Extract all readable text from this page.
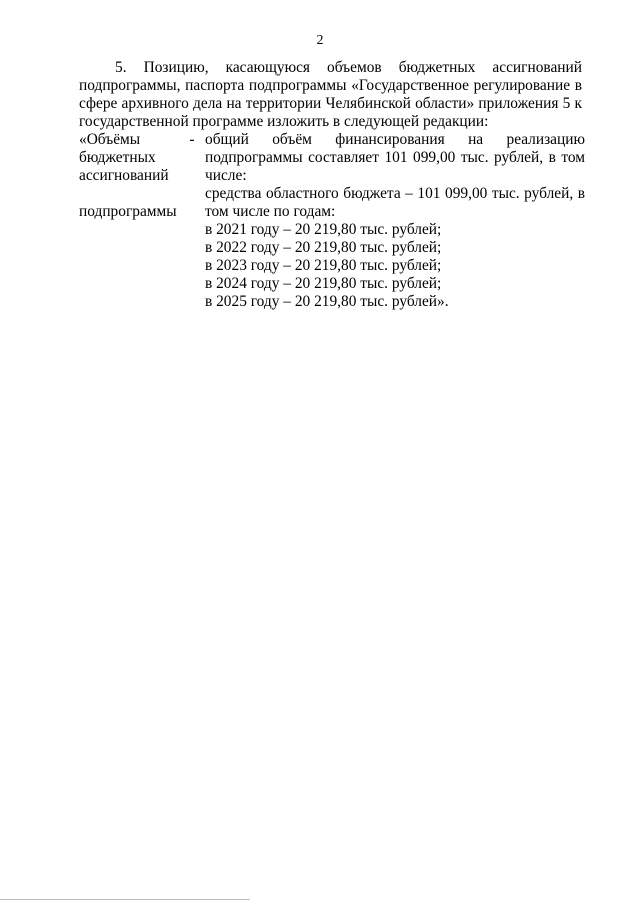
2
5. Позицию, касающуюся объемов бюджетных ассигнований
подпрограммы, паспорта подпрограммы «Государственное регулирование в
сфере архивного дела на территории Челябинской области» приложения 5 к
государственной программе изложить в следующей редакции:
«Объёмы
бюджетных
ассигнований
подпрограммы
- общий объём финансирования на реализацию
подпрограммы составляет 101 099,00 тыс. рублей, в том
числе:
средства областного бюджета – 101 099,00 тыс. рублей, в
том числе по годам:
в 2021 году – 20 219,80 тыс. рублей;
в 2022 году – 20 219,80 тыс. рублей;
в 2023 году – 20 219,80 тыс. рублей;
в 2024 году – 20 219,80 тыс. рублей;
в 2025 году – 20 219,80 тыс. рублей».
